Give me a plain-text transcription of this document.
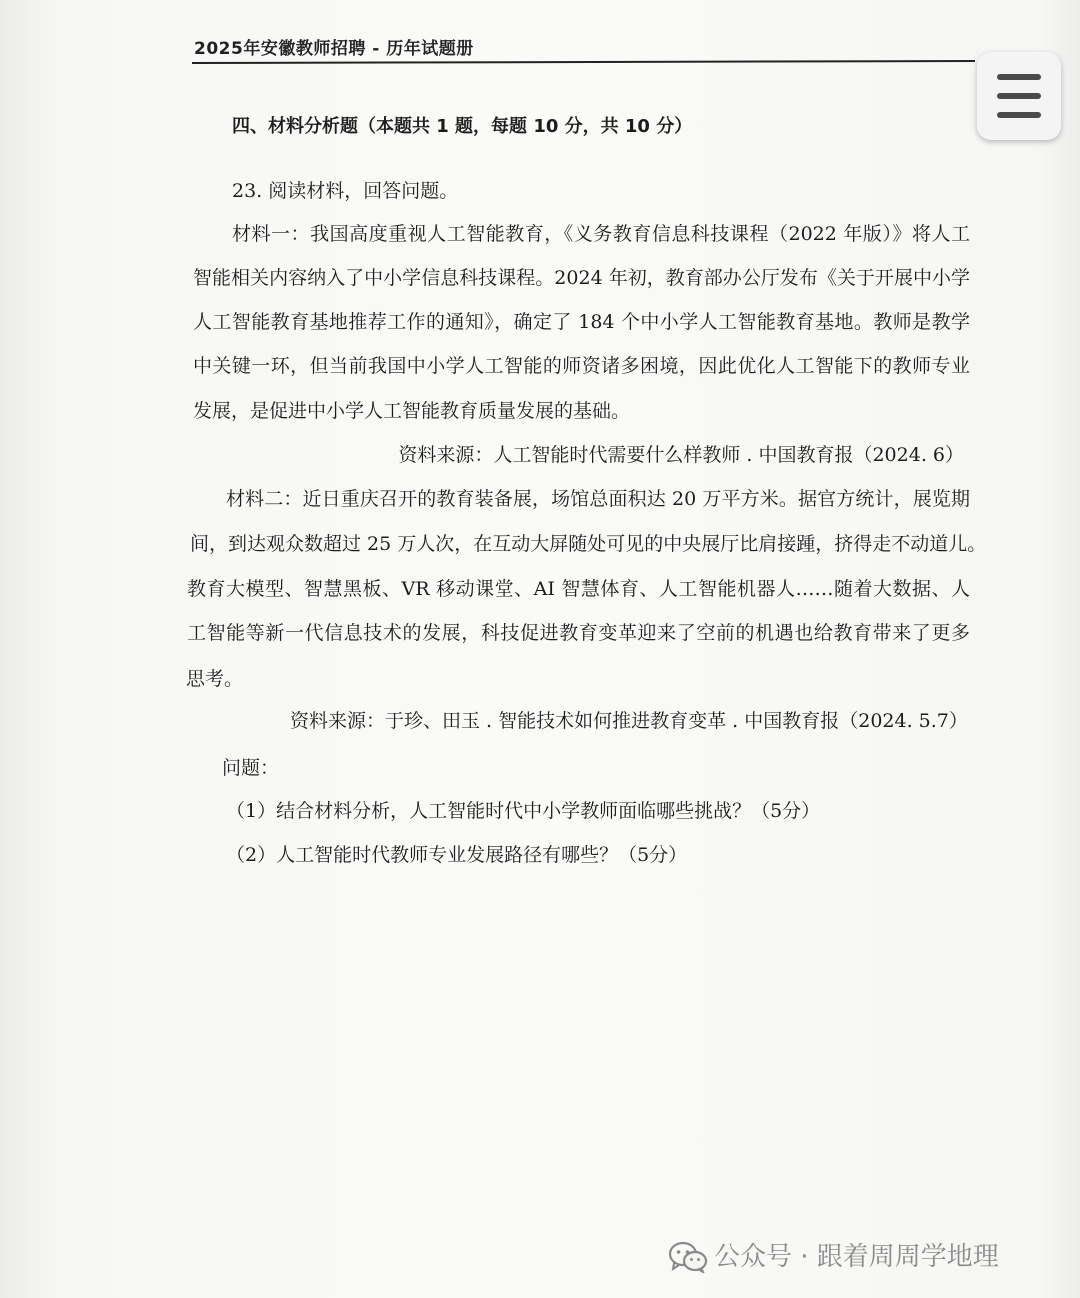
2025年安徽教师招聘 - 历年试题册
四、材料分析题（本题共 1 题，每题 10 分，共 10 分）
23. 阅读材料，回答问题。
材料一：我国高度重视人工智能教育，《义务教育信息科技课程（2022 年版）》将人工
智能相关内容纳入了中小学信息科技课程。2024 年初，教育部办公厅发布《关于开展中小学
人工智能教育基地推荐工作的通知》，确定了 184 个中小学人工智能教育基地。教师是教学
中关键一环，但当前我国中小学人工智能的师资诸多困境，因此优化人工智能下的教师专业
发展，是促进中小学人工智能教育质量发展的基础。
资料来源：人工智能时代需要什么样教师 . 中国教育报（2024. 6）
材料二：近日重庆召开的教育装备展，场馆总面积达 20 万平方米。据官方统计，展览期
间，到达观众数超过 25 万人次，在互动大屏随处可见的中央展厅比肩接踵，挤得走不动道儿。
教育大模型、智慧黑板、VR 移动课堂、AI 智慧体育、人工智能机器人……随着大数据、人
工智能等新一代信息技术的发展，科技促进教育变革迎来了空前的机遇也给教育带来了更多
思考。
资料来源：于珍、田玉 . 智能技术如何推进教育变革 . 中国教育报（2024. 5.7）
问题：
（1）结合材料分析，人工智能时代中小学教师面临哪些挑战？（5分）
（2）人工智能时代教师专业发展路径有哪些？（5分）
公众号 · 跟着周周学地理
